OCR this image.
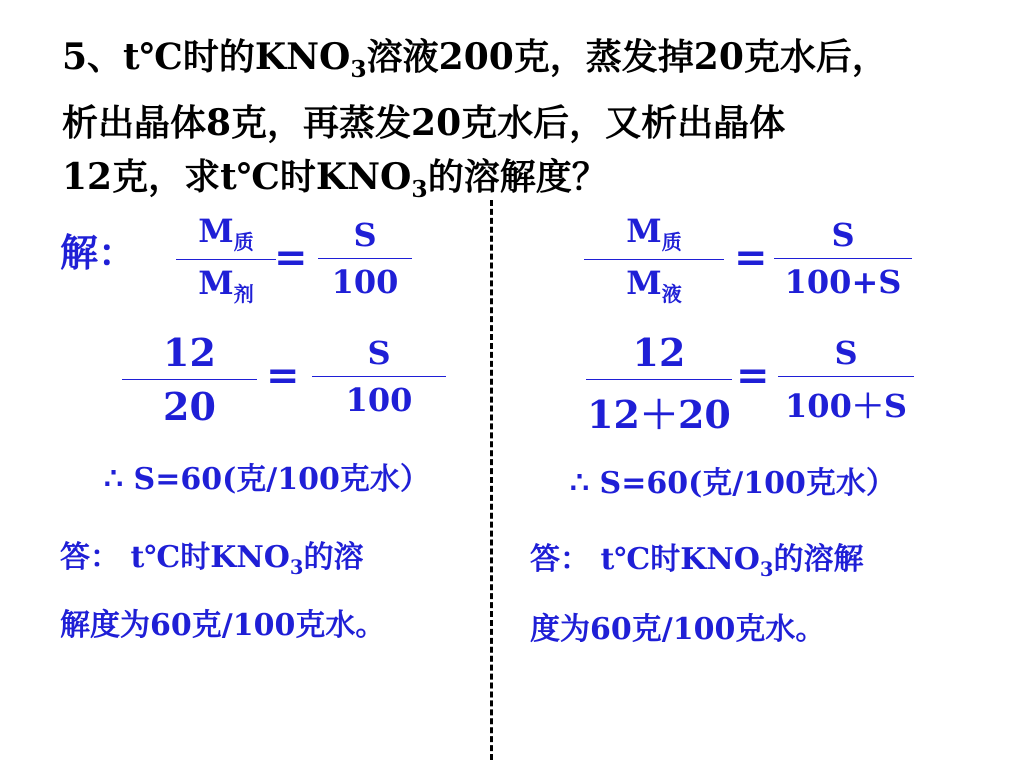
5、t℃时的$KNO_3$溶液200克，蒸发掉20克水后，
析出晶体8克，再蒸发20克水后，又析出晶体
12克，求t℃时$KNO_3$的溶解度？
解：	$M_质$
$M_剂$
=	S
100
12
20
=	S
100
∴ S=60(克/100克水）
答： t℃时$KNO_3$的溶
解度为60克/100克水。
$M_质$
$M_液$
=	S
100+S
12
12＋20
=	S
100＋S
∴ S=60(克/100克水）
答： t℃时$KNO_3$的溶解
度为60克/100克水。
